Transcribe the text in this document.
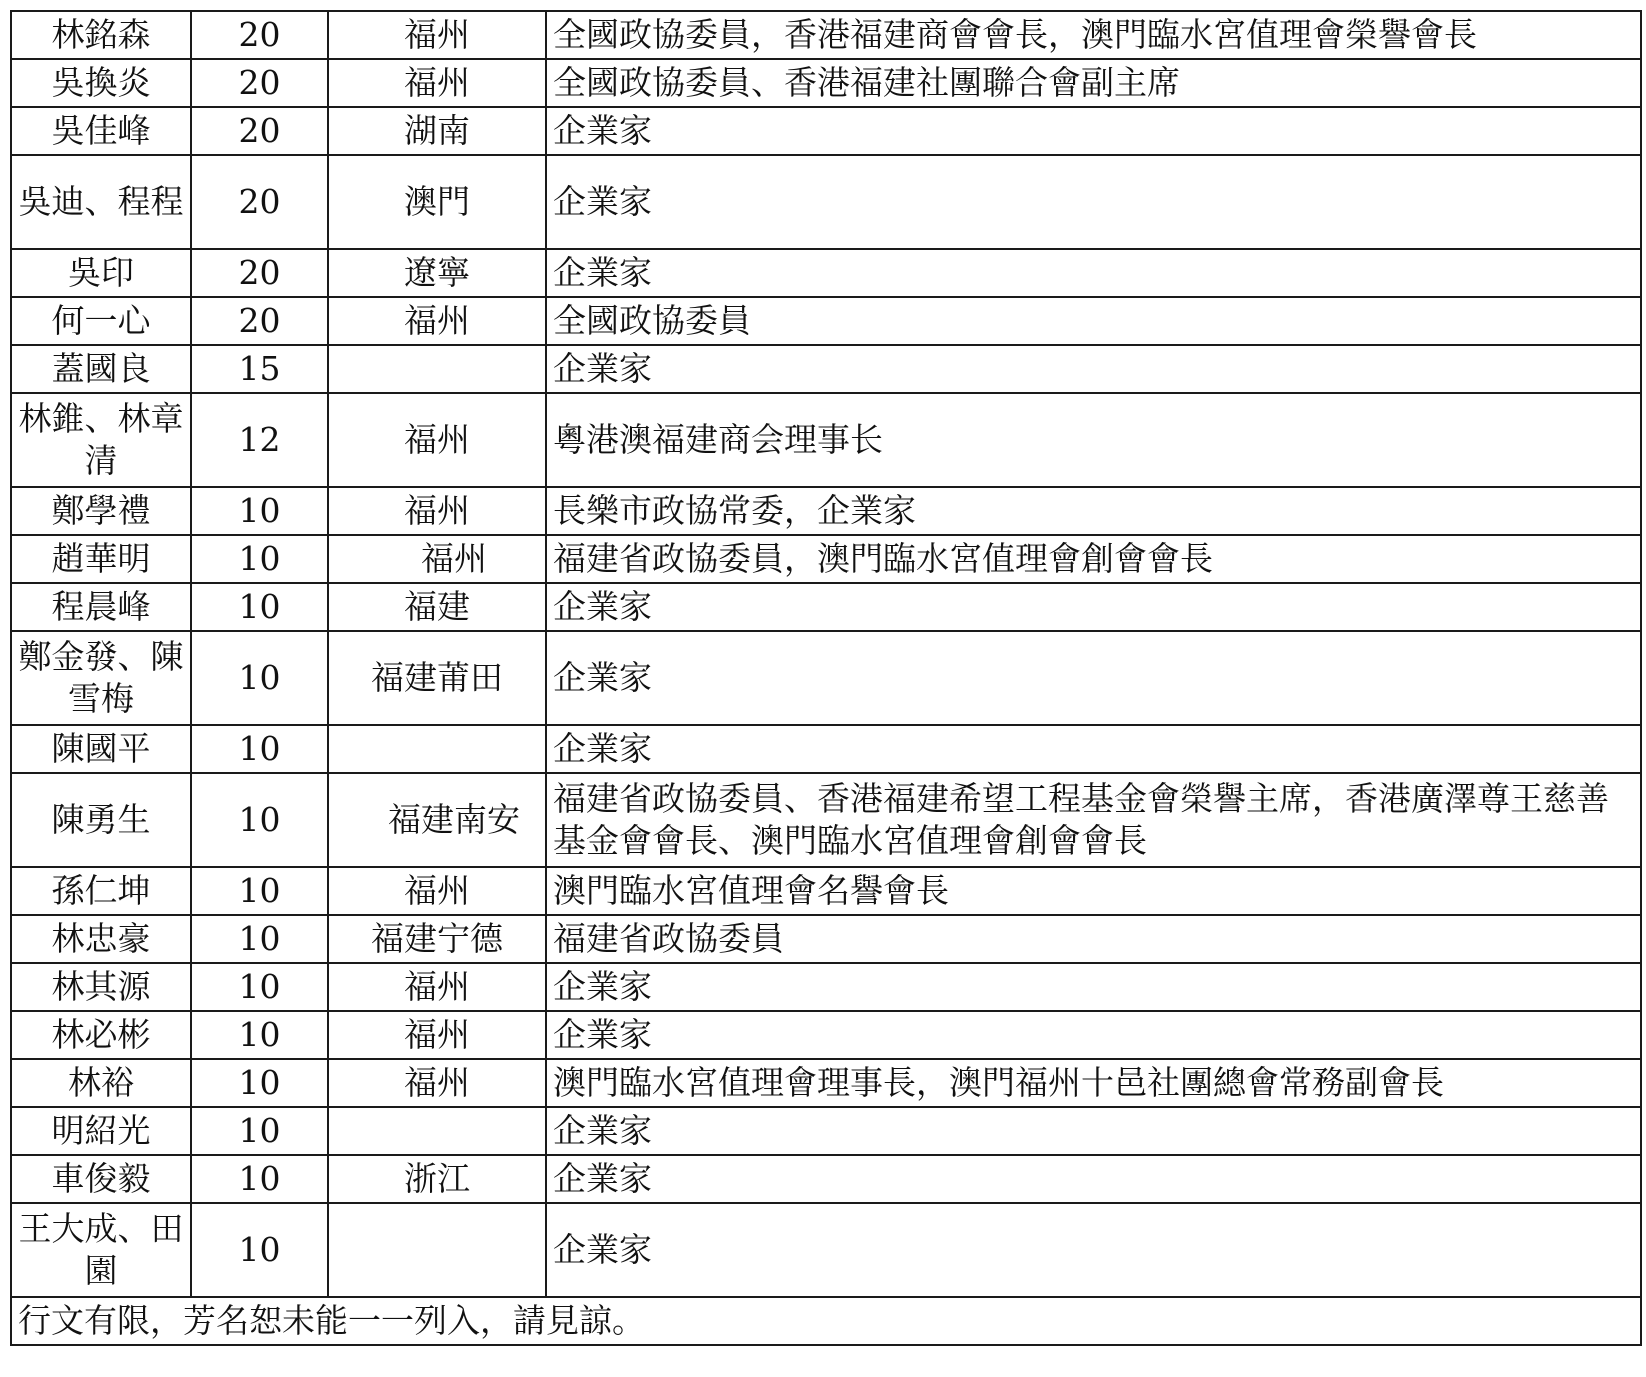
林銘森	20	福州	全國政協委員，香港福建商會會長，澳門臨水宮值理會榮譽會長
吳換炎	20	福州	全國政協委員、香港福建社團聯合會副主席
吳佳峰	20	湖南	企業家
吳迪、程程	20	澳門	企業家
吳印	20	遼寧	企業家
何一心	20	福州	全國政協委員
蓋國良	15		企業家
林錐、林章清	12	福州	粵港澳福建商会理事长
鄭學禮	10	福州	長樂市政協常委，企業家
趙華明	10	福州	福建省政協委員，澳門臨水宮值理會創會會長
程晨峰	10	福建	企業家
鄭金發、陳雪梅	10	福建莆田	企業家
陳國平	10		企業家
陳勇生	10	福建南安	福建省政協委員、香港福建希望工程基金會榮譽主席，香港廣澤尊王慈善基金會會長、澳門臨水宮值理會創會會長
孫仁坤	10	福州	澳門臨水宮值理會名譽會長
林忠豪	10	福建宁德	福建省政協委員
林其源	10	福州	企業家
林必彬	10	福州	企業家
林裕	10	福州	澳門臨水宮值理會理事長，澳門福州十邑社團總會常務副會長
明紹光	10		企業家
車俊毅	10	浙江	企業家
王大成、田園	10		企業家
行文有限，芳名恕未能一一列入，請見諒。			
